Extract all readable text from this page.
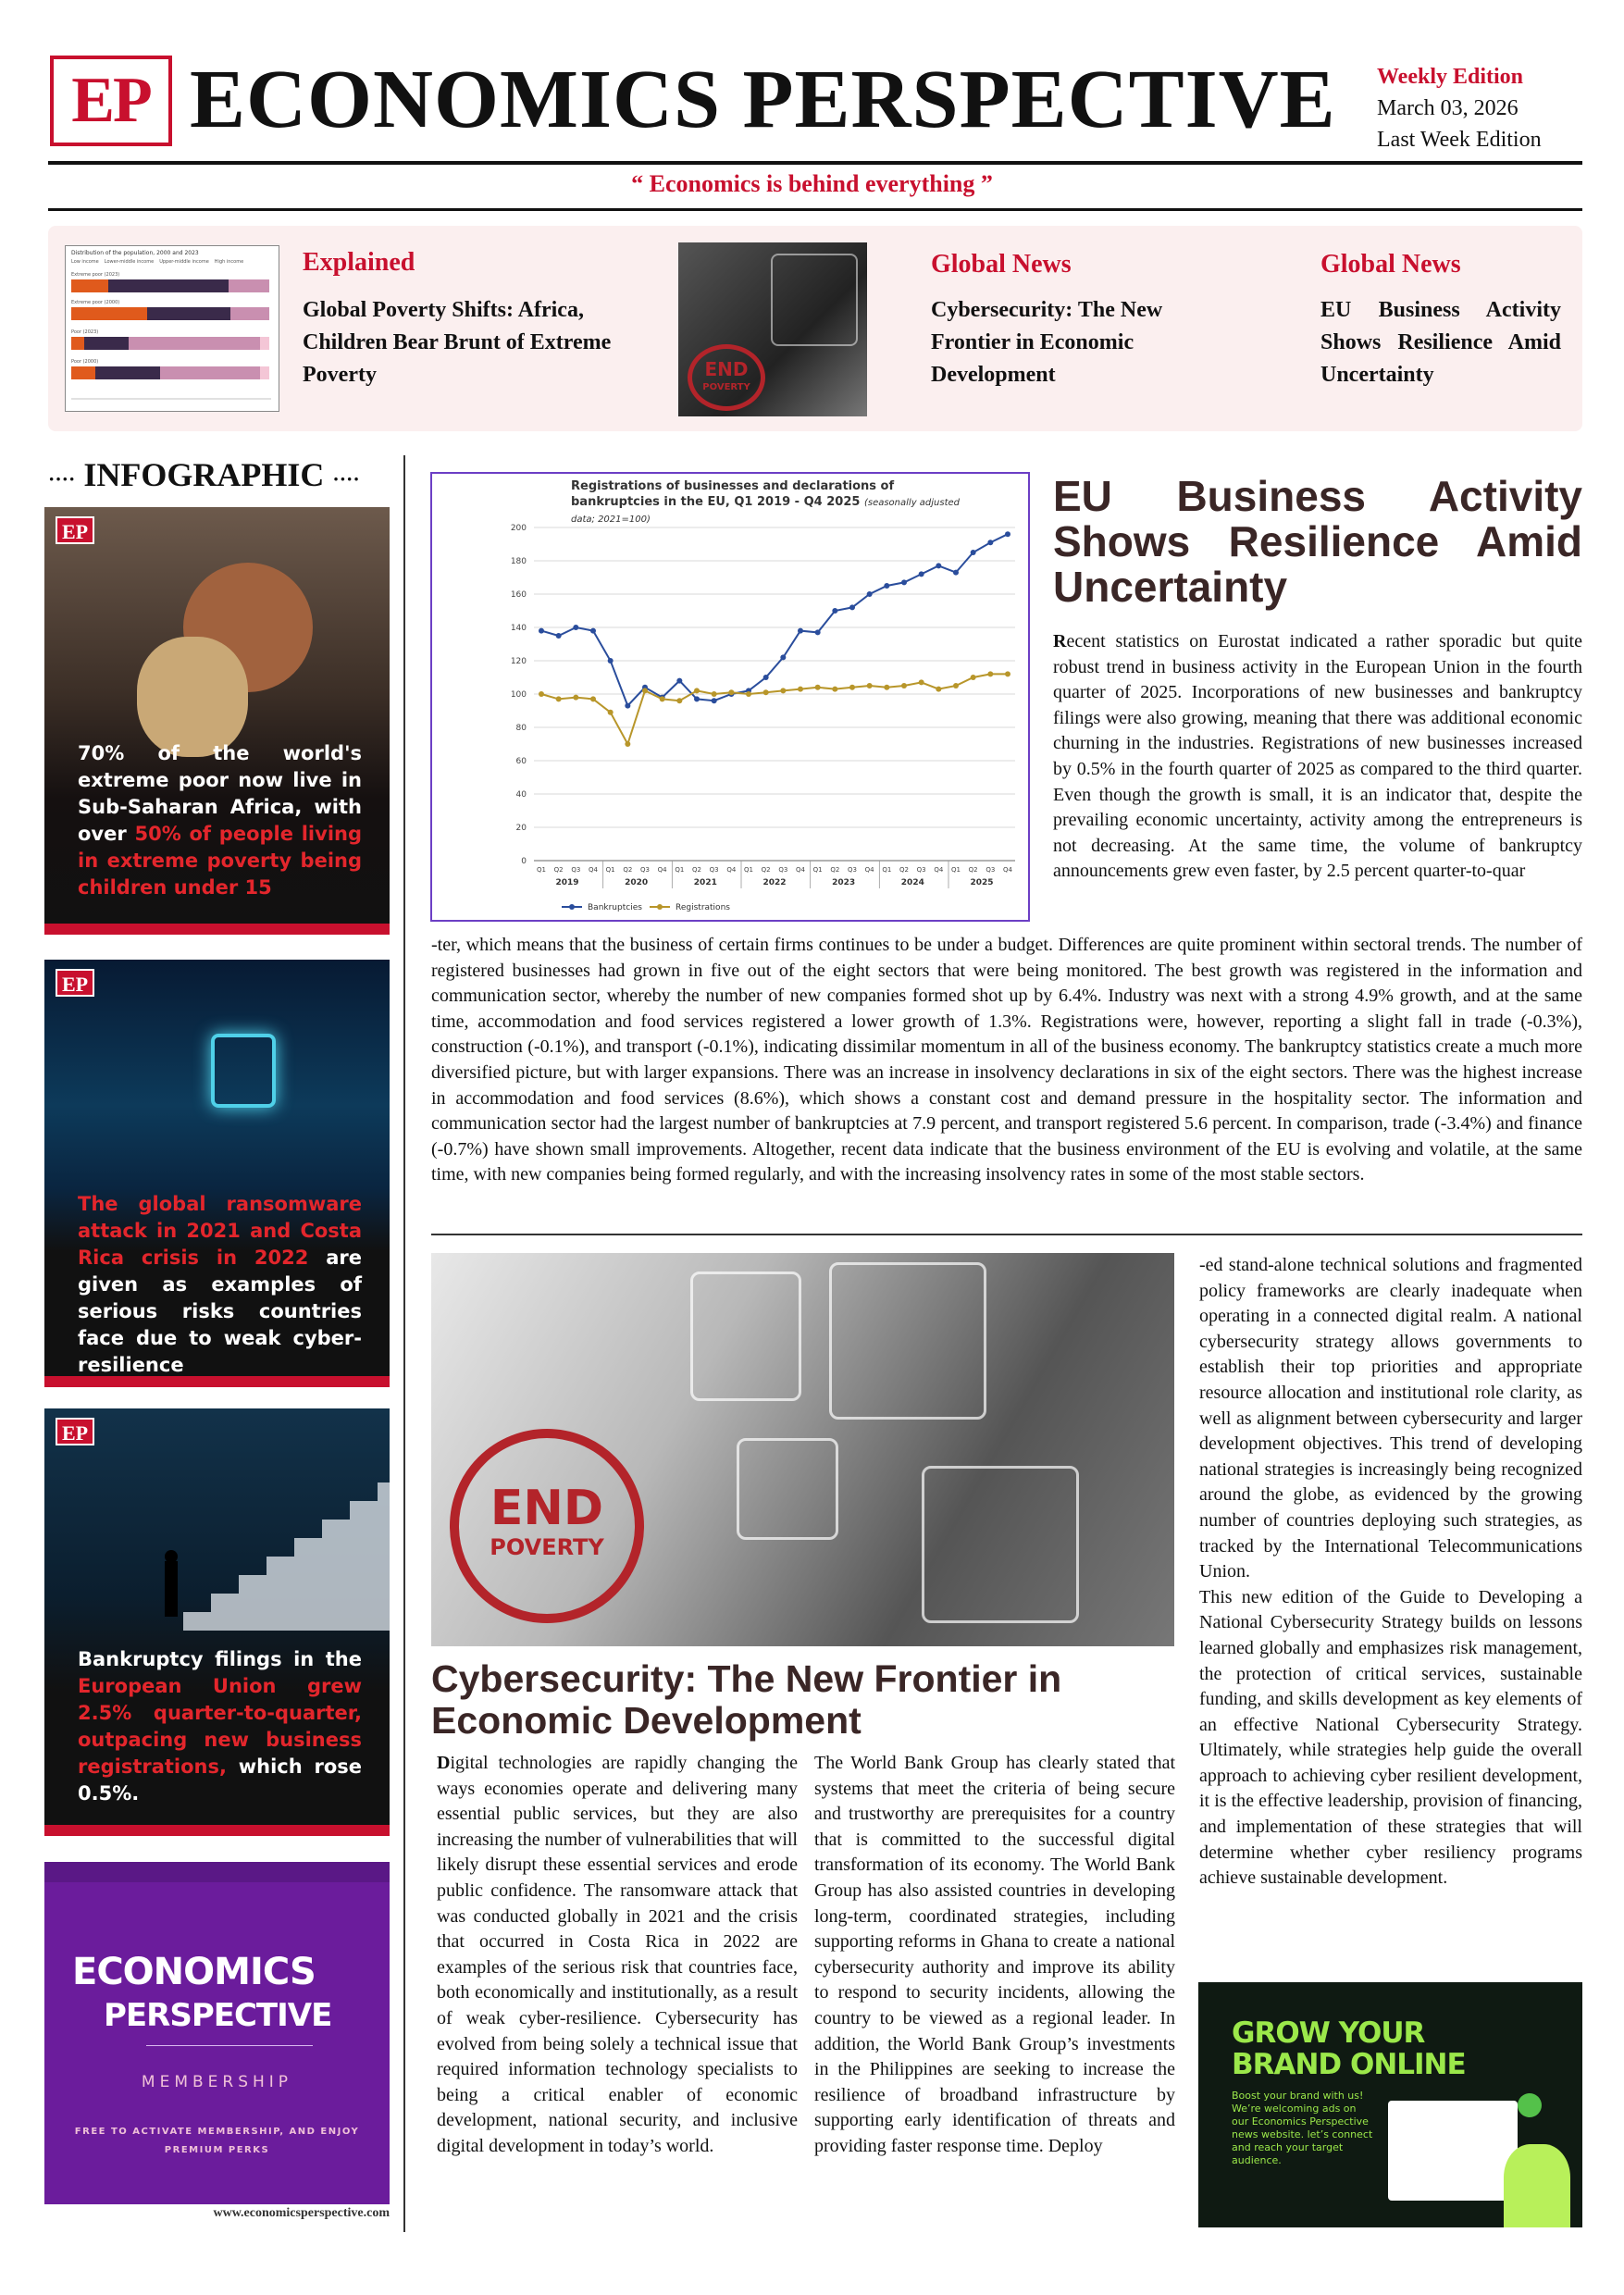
EP ECONOMICS PERSPECTIVE Weekly Edition
March 03, 2026
Last Week Edition
“ Economics is behind everything ”
Distribution of the population, 2000 and 2023
Low income Lower-middle income Upper-middle income High income
Extreme poor (2023)
Extreme poor (2000)
Poor (2023)
Poor (2000)
Explained
Global Poverty Shifts: Africa, Children Bear Brunt of Extreme Poverty	END
POVERTY
Global News
Cybersecurity: The New Frontier in Economic Development
Global News
EU Business Activity Shows Resilience Amid Uncertainty
···· INFOGRAPHIC ····
EP
70% of the world's extreme poor now live in Sub-Saharan Africa, with over 50% of people living in extreme poverty being children under 15
EP
The global ransomware attack in 2021 and Costa Rica crisis in 2022 are given as examples of serious risks countries face due to weak cyber-resilience
EP
Bankruptcy filings in the European Union grew 2.5% quarter-to-quarter, outpacing new business registrations, which rose 0.5%.
ECONOMICS
PERSPECTIVE
MEMBERSHIP
FREE TO ACTIVATE MEMBERSHIP, AND ENJOY PREMIUM PERKS
www.economicsperspective.com
Registrations of businesses and declarations of bankruptcies in the EU, Q1 2019 - Q4 2025 (seasonally adjusted data; 2021=100)
0
20
40
60
80
100
120
140
160
180
200
Q1 Q2 Q3 Q4 Q1 Q2 Q3 Q4 Q1 Q2 Q3 Q4 Q1 Q2 Q3 Q4 Q1 Q2 Q3 Q4 Q1 Q2 Q3 Q4 Q1 Q2 Q3 Q4
2019	2020	2021	2022	2023	2024	2025
Bankruptcies	Registrations
EU Business Activity
Shows Resilience Amid
Uncertainty
Recent statistics on Eurostat indicated a rather sporadic but quite robust trend in business activity in the European Union in the fourth quarter of 2025. Incorporations of new businesses and bankruptcy filings were also growing, meaning that there was additional economic churning in the industries. Registrations of new businesses increased by 0.5% in the fourth quarter of 2025 as compared to the third quarter. Even though the growth is small, it is an indicator that, despite the prevailing economic uncertainty, activity among the entrepreneurs is not decreasing. At the same time, the volume of bankruptcy announcements grew even faster, by 2.5 percent quarter-to-quar
-ter, which means that the business of certain firms continues to be under a budget. Differences are quite prominent within sectoral trends. The number of registered businesses had grown in five out of the eight sectors that were being monitored. The best growth was registered in the information and communication sector, whereby the number of new companies formed shot up by 6.4%. Industry was next with a strong 4.9% growth, and at the same time, accommodation and food services registered a lower growth of 1.3%. Registrations were, however, reporting a slight fall in trade (-0.3%), construction (-0.1%), and transport (-0.1%), indicating dissimilar momentum in all of the business economy. The bankruptcy statistics create a much more diversified picture, but with larger expansions. There was an increase in insolvency declarations in six of the eight sectors. There was the highest increase in accommodation and food services (8.6%), which shows a constant cost and demand pressure in the hospitality sector. The information and communication sector had the largest number of bankruptcies at 7.9 percent, and transport registered 5.6 percent. In comparison, trade (-3.4%) and finance (-0.7%) have shown small improvements. Altogether, recent data indicate that the business environment of the EU is evolving and volatile, at the same time, with new companies being formed regularly, and with the increasing insolvency rates in some of the most stable sectors.
END
POVERTY
Cybersecurity: The New Frontier in Economic Development
Digital technologies are rapidly changing the ways economies operate and delivering many essential public services, but they are also increasing the number of vulnerabilities that will likely disrupt these essential services and erode public confidence. The ransomware attack that was conducted globally in 2021 and the crisis that occurred in Costa Rica in 2022 are examples of the serious risk that countries face, both economically and institutionally, as a result of weak cyber-resilience. Cybersecurity has evolved from being solely a technical issue that required information technology specialists to being a critical enabler of economic development, national security, and inclusive digital development in today’s world.
The World Bank Group has clearly stated that systems that meet the criteria of being secure and trustworthy are prerequisites for a country that is committed to the successful digital transformation of its economy. The World Bank Group has also assisted countries in developing long-term, coordinated strategies, including supporting reforms in Ghana to create a national cybersecurity authority and improve its ability to respond to security incidents, allowing the country to be viewed as a regional leader. In addition, the World Bank Group’s investments in the Philippines are seeking to increase the resilience of broadband infrastructure by supporting early identification of threats and providing faster response time. Deploy
-ed stand-alone technical solutions and fragmented policy frameworks are clearly inadequate when operating in a connected digital realm. A national cybersecurity strategy allows governments to establish their top priorities and appropriate resource allocation and institutional role clarity, as well as alignment between cybersecurity and larger development objectives. This trend of developing national strategies is increasingly being recognized around the globe, as evidenced by the growing number of countries deploying such strategies, as tracked by the International Telecommunications Union.
This new edition of the Guide to Developing a National Cybersecurity Strategy builds on lessons learned globally and emphasizes risk management, the protection of critical services, sustainable funding, and skills development as key elements of an effective National Cybersecurity Strategy. Ultimately, while strategies help guide the overall approach to achieving cyber resilient development, it is the effective leadership, provision of financing, and implementation of these strategies that will determine whether cyber resiliency programs achieve sustainable development.
GROW YOUR
BRAND ONLINE
Boost your brand with us! We’re welcoming ads on our Economics Perspective news website. let’s connect and reach your target audience.
